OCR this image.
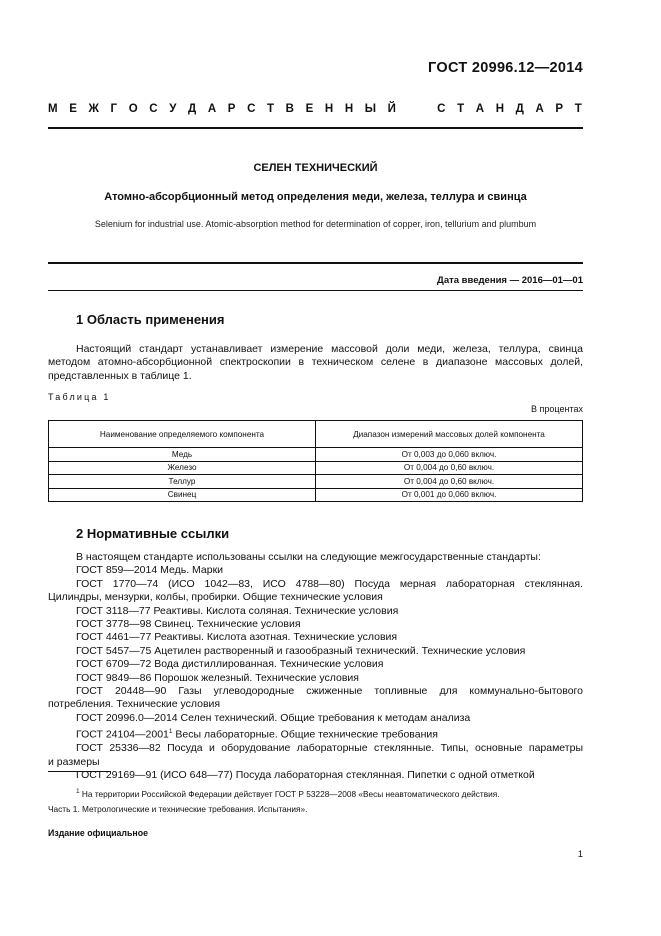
ГОСТ 20996.12—2014
М Е Ж Г О С У Д А Р С Т В Е Н Н Ы Й	С Т А Н Д А Р Т
СЕЛЕН ТЕХНИЧЕСКИЙ
Атомно-абсорбционный метод определения меди, железа, теллура и свинца
Selenium for industrial use. Atomic-absorption method for determination of copper, iron, tellurium and plumbum
Дата введения — 2016—01—01
1 Область применения

Настоящий стандарт устанавливает измерение массовой доли меди, железа, теллура, свинца методом атомно-абсорбционной спектроскопии в техническом селене в диапазоне массовых долей, представленных в таблице 1.

Таблица 1
В процентах
Наименование определяемого компонента	Диапазон измерений массовых долей компонента
Медь	От 0,003 до 0,060 включ.
Железо	От 0,004 до 0,60 включ.
Теллур	От 0,004 до 0,60 включ.
Свинец	От 0,001 до 0,060 включ.
2 Нормативные ссылки
В настоящем стандарте использованы ссылки на следующие межгосударственные стандарты:
ГОСТ 859—2014 Медь. Марки
ГОСТ 1770—74 (ИСО 1042—83, ИСО 4788—80) Посуда мерная лабораторная стеклянная.
Цилиндры, мензурки, колбы, пробирки. Общие технические условия
ГОСТ 3118—77 Реактивы. Кислота соляная. Технические условия
ГОСТ 3778—98 Свинец. Технические условия
ГОСТ 4461—77 Реактивы. Кислота азотная. Технические условия
ГОСТ 5457—75 Ацетилен растворенный и газообразный технический. Технические условия
ГОСТ 6709—72 Вода дистиллированная. Технические условия
ГОСТ 9849—86 Порошок железный. Технические условия
ГОСТ 20448—90 Газы углеводородные сжиженные топливные для коммунально-бытового
потребления. Технические условия
ГОСТ 20996.0—2014 Селен технический. Общие требования к методам анализа
ГОСТ 24104—2001$^1$ Весы лабораторные. Общие технические требования
ГОСТ 25336—82 Посуда и оборудование лабораторные стеклянные. Типы, основные параметры
и размеры
ГОСТ 29169—91 (ИСО 648—77) Посуда лабораторная стеклянная. Пипетки с одной отметкой
$^1$ На территории Российской Федерации действует ГОСТ Р 53228—2008 «Весы неавтоматического действия.
Часть 1. Метрологические и технические требования. Испытания».
Издание официальное
1
